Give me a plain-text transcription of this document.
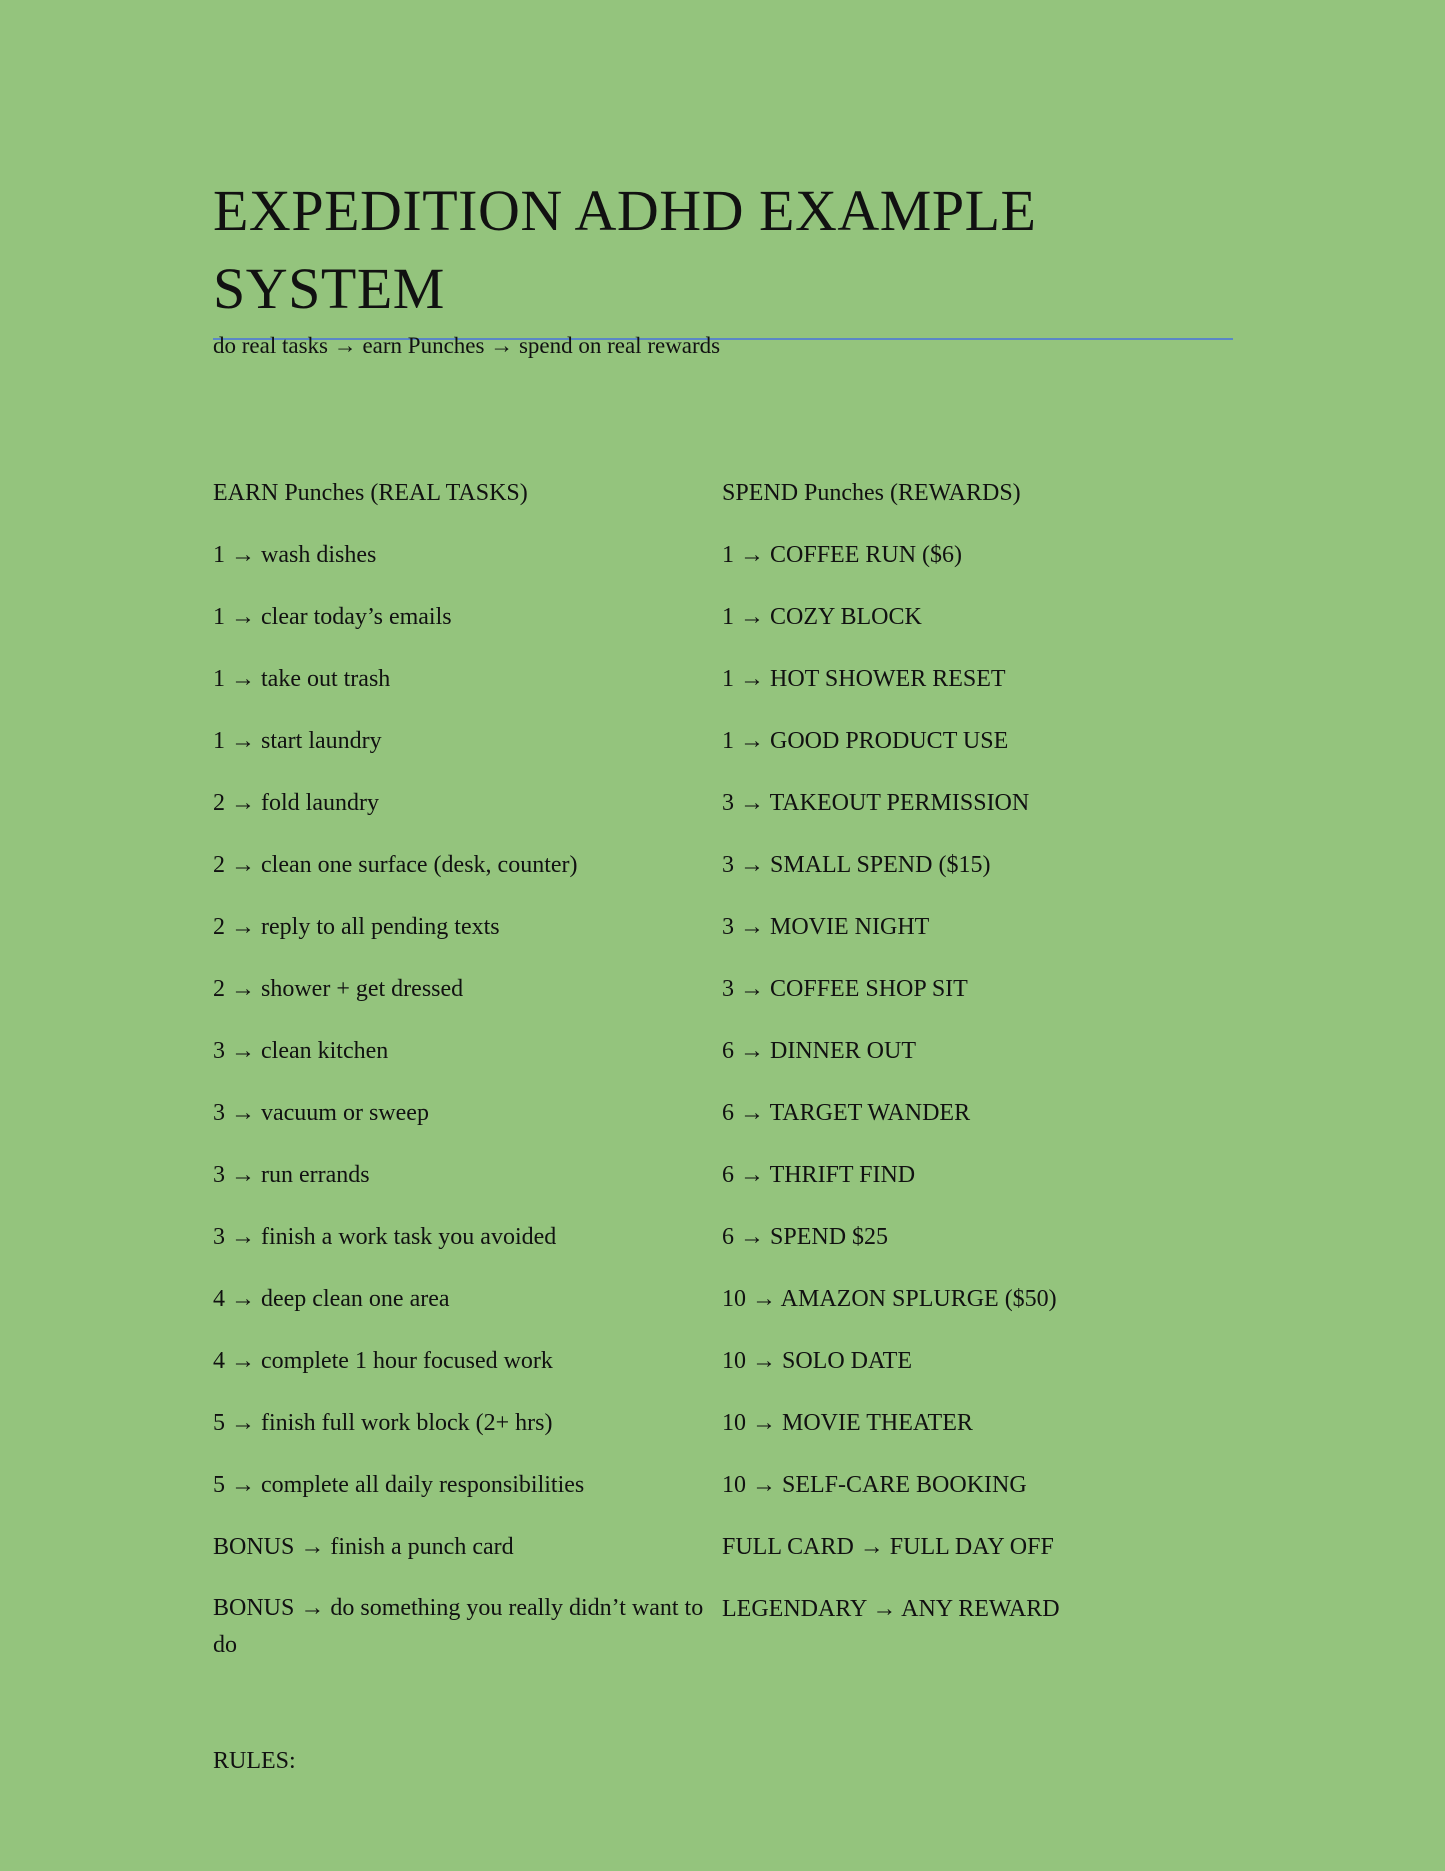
EXPEDITION ADHD EXAMPLE SYSTEM
do real tasks → earn Punches → spend on real rewards
EARN Punches (REAL TASKS)
1 → wash dishes
1 → clear today’s emails
1 → take out trash
1 → start laundry
2 → fold laundry
2 → clean one surface (desk, counter)
2 → reply to all pending texts
2 → shower + get dressed
3 → clean kitchen
3 → vacuum or sweep
3 → run errands
3 → finish a work task you avoided
4 → deep clean one area
4 → complete 1 hour focused work
5 → finish full work block (2+ hrs)
5 → complete all daily responsibilities
BONUS → finish a punch card
BONUS → do something you really didn’t want to do
SPEND Punches (REWARDS)
1 → COFFEE RUN ($6)
1 → COZY BLOCK
1 → HOT SHOWER RESET
1 → GOOD PRODUCT USE
3 → TAKEOUT PERMISSION
3 → SMALL SPEND ($15)
3 → MOVIE NIGHT
3 → COFFEE SHOP SIT
6 → DINNER OUT
6 → TARGET WANDER
6 → THRIFT FIND
6 → SPEND $25
10 → AMAZON SPLURGE ($50)
10 → SOLO DATE
10 → MOVIE THEATER
10 → SELF-CARE BOOKING
FULL CARD → FULL DAY OFF
LEGENDARY → ANY REWARD
RULES:
